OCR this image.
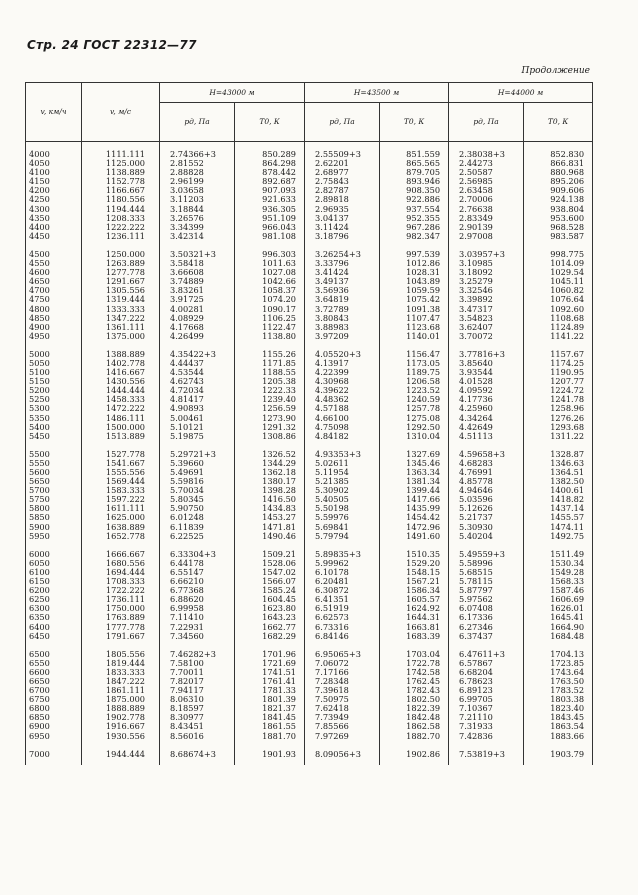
Стр. 24 ГОСТ 22312—77
Продолжение
v, км/ч	v, м/с	H=43000 м		H=43500 м		H=44000 м	
		pд, Па	T0, К	pд, Па	T0, К	pд, Па	T0, К
4000	1111.111	2.74366+3	850.289	2.55509+3	851.559	2.38038+3	852.830
4050	1125.000	2.81552	864.298	2.62201	865.565	2.44273	866.831
4100	1138.889	2.88828	878.442	2.68977	879.705	2.50587	880.968
4150	1152.778	2.96199	892.687	2.75843	893.946	2.56985	895.206
4200	1166.667	3.03658	907.093	2.82787	908.350	2.63458	909.606
4250	1180.556	3.11203	921.633	2.89818	922.886	2.70006	924.138
4300	1194.444	3.18844	936.305	2.96935	937.554	2.76638	938.804
4350	1208.333	3.26576	951.109	3.04137	952.355	2.83349	953.600
4400	1222.222	3.34399	966.043	3.11424	967.286	2.90139	968.528
4450	1236.111	3.42314	981.108	3.18796	982.347	2.97008	983.587
4500	1250.000	3.50321+3	996.303	3.26254+3	997.539	3.03957+3	998.775
4550	1263.889	3.58418	1011.63	3.33796	1012.86	3.10985	1014.09
4600	1277.778	3.66608	1027.08	3.41424	1028.31	3.18092	1029.54
4650	1291.667	3.74889	1042.66	3.49137	1043.89	3.25279	1045.11
4700	1305.556	3.83261	1058.37	3.56936	1059.59	3.32546	1060.82
4750	1319.444	3.91725	1074.20	3.64819	1075.42	3.39892	1076.64
4800	1333.333	4.00281	1090.17	3.72789	1091.38	3.47317	1092.60
4850	1347.222	4.08929	1106.25	3.80843	1107.47	3.54823	1108.68
4900	1361.111	4.17668	1122.47	3.88983	1123.68	3.62407	1124.89
4950	1375.000	4.26499	1138.80	3.97209	1140.01	3.70072	1141.22
5000	1388.889	4.35422+3	1155.26	4.05520+3	1156.47	3.77816+3	1157.67
5050	1402.778	4.44437	1171.85	4.13917	1173.05	3.85640	1174.25
5100	1416.667	4.53544	1188.55	4.22399	1189.75	3.93544	1190.95
5150	1430.556	4.62743	1205.38	4.30968	1206.58	4.01528	1207.77
5200	1444.444	4.72034	1222.33	4.39622	1223.52	4.09592	1224.72
5250	1458.333	4.81417	1239.40	4.48362	1240.59	4.17736	1241.78
5300	1472.222	4.90893	1256.59	4.57188	1257.78	4.25960	1258.96
5350	1486.111	5.00461	1273.90	4.66100	1275.08	4.34264	1276.26
5400	1500.000	5.10121	1291.32	4.75098	1292.50	4.42649	1293.68
5450	1513.889	5.19875	1308.86	4.84182	1310.04	4.51113	1311.22
5500	1527.778	5.29721+3	1326.52	4.93353+3	1327.69	4.59658+3	1328.87
5550	1541.667	5.39660	1344.29	5.02611	1345.46	4.68283	1346.63
5600	1555.556	5.49691	1362.18	5.11954	1363.34	4.76991	1364.51
5650	1569.444	5.59816	1380.17	5.21385	1381.34	4.85778	1382.50
5700	1583.333	5.70034	1398.28	5.30902	1399.44	4.94646	1400.61
5750	1597.222	5.80345	1416.50	5.40505	1417.66	5.03596	1418.82
5800	1611.111	5.90750	1434.83	5.50198	1435.99	5.12626	1437.14
5850	1625.000	6.01248	1453.27	5.59976	1454.42	5.21737	1455.57
5900	1638.889	6.11839	1471.81	5.69841	1472.96	5.30930	1474.11
5950	1652.778	6.22525	1490.46	5.79794	1491.60	5.40204	1492.75
6000	1666.667	6.33304+3	1509.21	5.89835+3	1510.35	5.49559+3	1511.49
6050	1680.556	6.44178	1528.06	5.99962	1529.20	5.58996	1530.34
6100	1694.444	6.55147	1547.02	6.10178	1548.15	5.68515	1549.28
6150	1708.333	6.66210	1566.07	6.20481	1567.21	5.78115	1568.33
6200	1722.222	6.77368	1585.24	6.30872	1586.34	5.87797	1587.46
6250	1736.111	6.88620	1604.45	6.41351	1605.57	5.97562	1606.69
6300	1750.000	6.99958	1623.80	6.51919	1624.92	6.07408	1626.01
6350	1763.889	7.11410	1643.23	6.62573	1644.31	6.17336	1645.41
6400	1777.778	7.22931	1662.77	6.73316	1663.81	6.27346	1664.90
6450	1791.667	7.34560	1682.29	6.84146	1683.39	6.37437	1684.48
6500	1805.556	7.46282+3	1701.96	6.95065+3	1703.04	6.47611+3	1704.13
6550	1819.444	7.58100	1721.69	7.06072	1722.78	6.57867	1723.85
6600	1833.333	7.70011	1741.51	7.17166	1742.58	6.68204	1743.64
6650	1847.222	7.82017	1761.41	7.28348	1762.45	6.78623	1763.50
6700	1861.111	7.94117	1781.33	7.39618	1782.43	6.89123	1783.52
6750	1875.000	8.06310	1801.39	7.50975	1802.50	6.99705	1803.38
6800	1888.889	8.18597	1821.37	7.62418	1822.39	7.10367	1823.40
6850	1902.778	8.30977	1841.45	7.73949	1842.48	7.21110	1843.45
6900	1916.667	8.43451	1861.55	7.85566	1862.58	7.31933	1863.54
6950	1930.556	8.56016	1881.70	7.97269	1882.70	7.42836	1883.66
7000	1944.444	8.68674+3	1901.93	8.09056+3	1902.86	7.53819+3	1903.79
